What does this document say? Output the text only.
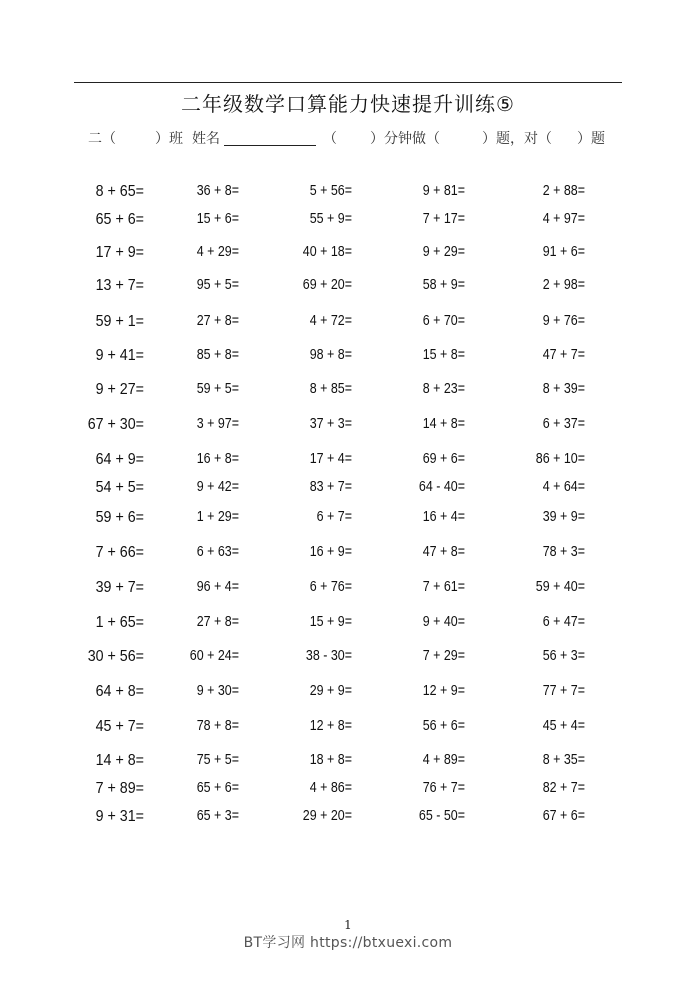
二年级数学口算能力快速提升训练⑤
二（	）班 姓名	（ ）分钟做（	）题，对（ ）题
8 + 65=	36 + 8=	5 + 56=	9 + 81=	2 + 88=
65 + 6=	15 + 6=	55 + 9=	7 + 17=	4 + 97=
17 + 9=	4 + 29=	40 + 18=	9 + 29=	91 + 6=
13 + 7=	95 + 5=	69 + 20=	58 + 9=	2 + 98=
59 + 1=	27 + 8=	4 + 72=	6 + 70=	9 + 76=
9 + 41=	85 + 8=	98 + 8=	15 + 8=	47 + 7=
9 + 27=	59 + 5=	8 + 85=	8 + 23=	8 + 39=
67 + 30=	3 + 97=	37 + 3=	14 + 8=	6 + 37=
64 + 9=	16 + 8=	17 + 4=	69 + 6=	86 + 10=
54 + 5=	9 + 42=	83 + 7=	64 - 40=	4 + 64=
59 + 6=	1 + 29=	6 + 7=	16 + 4=	39 + 9=
7 + 66=	6 + 63=	16 + 9=	47 + 8=	78 + 3=
39 + 7=	96 + 4=	6 + 76=	7 + 61=	59 + 40=
1 + 65=	27 + 8=	15 + 9=	9 + 40=	6 + 47=
30 + 56=	60 + 24=	38 - 30=	7 + 29=	56 + 3=
64 + 8=	9 + 30=	29 + 9=	12 + 9=	77 + 7=
45 + 7=	78 + 8=	12 + 8=	56 + 6=	45 + 4=
14 + 8=	75 + 5=	18 + 8=	4 + 89=	8 + 35=
7 + 89=	65 + 6=	4 + 86=	76 + 7=	82 + 7=
9 + 31=	65 + 3=	29 + 20=	65 - 50=	67 + 6=
1
BT学习网 https://btxuexi.com
